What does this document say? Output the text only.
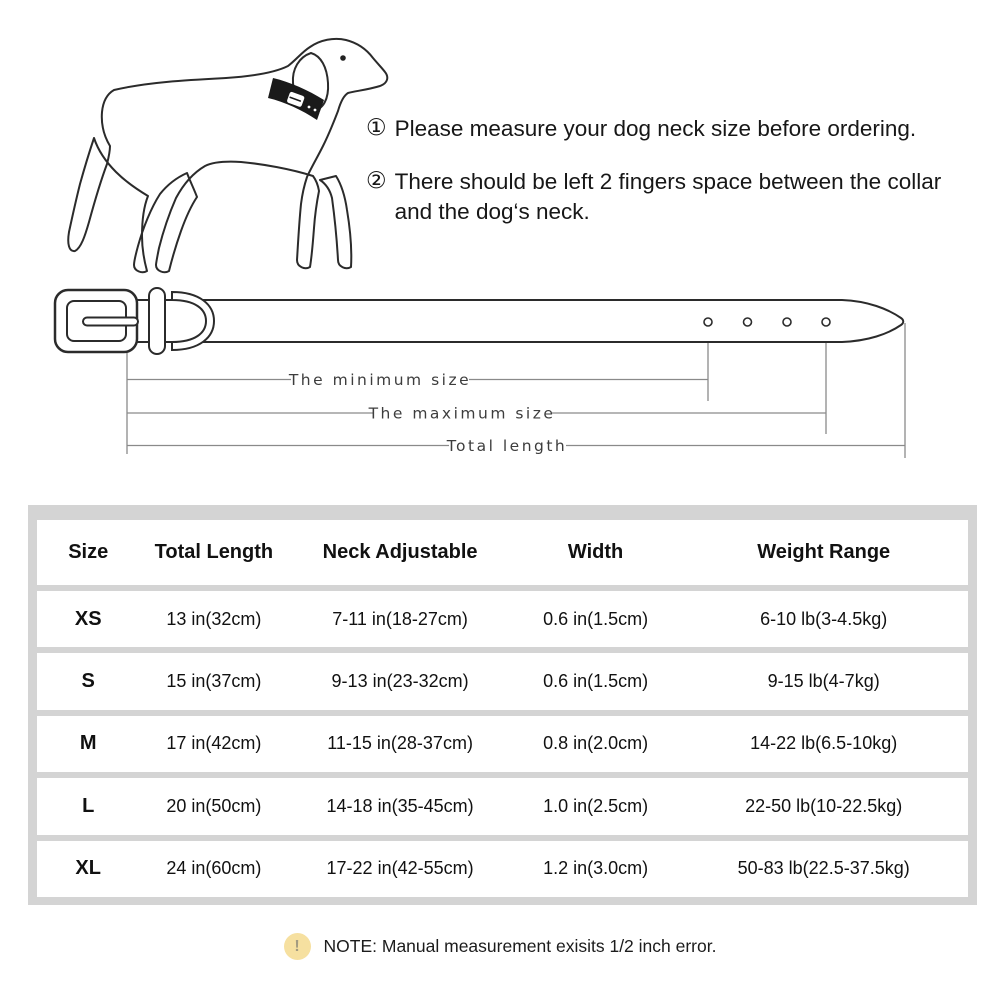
① Please measure your dog neck size before ordering.
② There should be left 2 fingers space between the collar and the dog‘s neck.
The minimum size
The maximum size
Total length
Size	Total Length	Neck Adjustable	Width	Weight Range
XS	13 in(32cm)	7-11 in(18-27cm)	0.6 in(1.5cm)	6-10 lb(3-4.5kg)
S	15 in(37cm)	9-13 in(23-32cm)	0.6 in(1.5cm)	9-15 lb(4-7kg)
M	17 in(42cm)	11-15 in(28-37cm)	0.8 in(2.0cm)	14-22 lb(6.5-10kg)
L	20 in(50cm)	14-18 in(35-45cm)	1.0 in(2.5cm)	22-50 lb(10-22.5kg)
XL	24 in(60cm)	17-22 in(42-55cm)	1.2 in(3.0cm)	50-83 lb(22.5-37.5kg)
!	NOTE: Manual measurement exisits 1/2 inch error.
